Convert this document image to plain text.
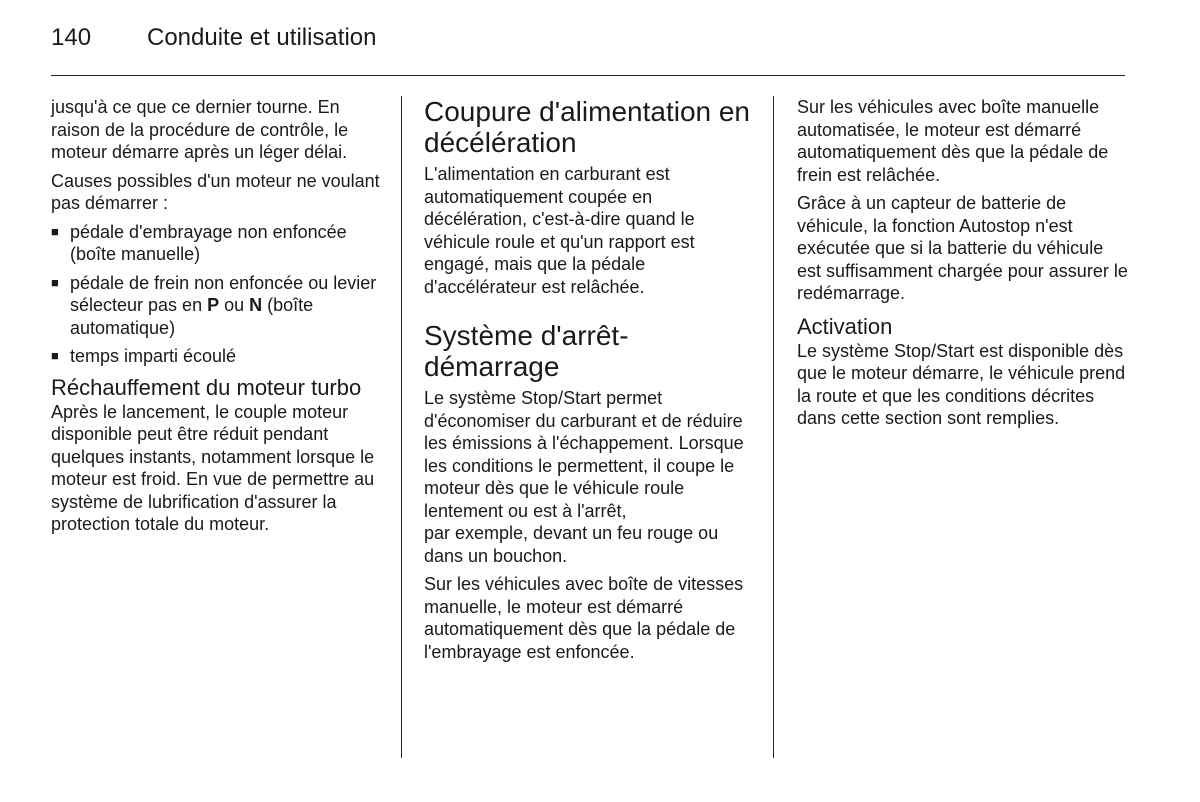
140 Conduite et utilisation

jusqu'à ce que ce dernier tourne. En raison de la procédure de contrôle, le moteur démarre après un léger délai.

Causes possibles d'un moteur ne voulant pas démarrer :

■ pédale d'embrayage non enfoncée (boîte manuelle)
■ pédale de frein non enfoncée ou levier sélecteur pas en P ou N (boîte automatique)
■ temps imparti écoulé
Réchauffement du moteur turbo

Après le lancement, le couple moteur disponible peut être réduit pendant quelques instants, notamment lorsque le moteur est froid. En vue de permettre au système de lubrification d'assurer la protection totale du moteur.

Coupure d'alimentation en décélération

L'alimentation en carburant est automatiquement coupée en décélération, c'est-à-dire quand le véhicule roule et qu'un rapport est engagé, mais que la pédale d'accélérateur est relâchée.

Système d'arrêt-démarrage

Le système Stop/Start permet d'économiser du carburant et de réduire les émissions à l'échappement. Lorsque les conditions le permettent, il coupe le moteur dès que le véhicule roule lentement ou est à l'arrêt,
par exemple, devant un feu rouge ou dans un bouchon.

Sur les véhicules avec boîte de vitesses manuelle, le moteur est démarré automatiquement dès que la pédale de l'embrayage est enfoncée.

Sur les véhicules avec boîte manuelle automatisée, le moteur est démarré automatiquement dès que la pédale de frein est relâchée.

Grâce à un capteur de batterie de véhicule, la fonction Autostop n'est exécutée que si la batterie du véhicule est suffisamment chargée pour assurer le redémarrage.

Activation

Le système Stop/Start est disponible dès que le moteur démarre, le véhicule prend la route et que les conditions décrites dans cette section sont remplies.
